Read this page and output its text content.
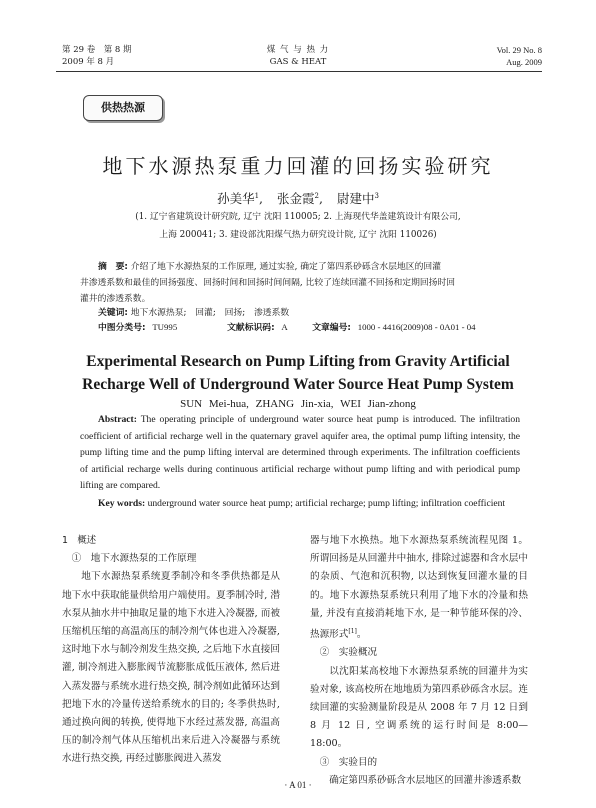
第 29 卷　第 8 期
2009 年 8 月
煤 气 与 热 力
GAS & HEAT
Vol. 29 No. 8
Aug. 2009
供热热源
地下水源热泵重力回灌的回扬实验研究
孙美华$^1$, 张金霞$^2$, 尉建中$^3$
(1. 辽宁省建筑设计研究院, 辽宁 沈阳 110005; 2. 上海现代华盖建筑设计有限公司,
上海 200041; 3. 建设部沈阳煤气热力研究设计院, 辽宁 沈阳 110026)
摘　要: 介绍了地下水源热泵的工作原理, 通过实验, 确定了第四系砂砾含水层地区的回灌
井渗透系数和最佳的回扬强度、回扬时间和回扬时间间隔, 比较了连续回灌不回扬和定期回扬时回
灌井的渗透系数。
关键词: 地下水源热泵;　回灌;　回扬;　渗透系数
中图分类号: TU995	文献标识码: A	文章编号: 1000 - 4416(2009)08 - 0A01 - 04
Experimental Research on Pump Lifting from Gravity Artificial
Recharge Well of Underground Water Source Heat Pump System
SUN Mei-hua, ZHANG Jin-xia, WEI Jian-zhong

Abstract: The operating principle of underground water source heat pump is introduced. The infiltration coefficient of artificial recharge well in the quaternary gravel aquifer area, the optimal pump lifting intensity, the pump lifting time and the pump lifting interval are determined through experiments. The infiltration coefficients of artificial recharge wells during continuous artificial recharge without pump lifting and with periodical pump lifting are compared.

Key words: underground water source heat pump; artificial recharge; pump lifting; infiltration coefficient

1　概述

①　地下水源热泵的工作原理

地下水源热泵系统夏季制冷和冬季供热都是从地下水中获取能量供给用户端使用。夏季制冷时, 潜水泵从抽水井中抽取足量的地下水进入冷凝器, 而被压缩机压缩的高温高压的制冷剂气体也进入冷凝器, 这时地下水与制冷剂发生热交换, 之后地下水直接回灌, 制冷剂进入膨胀阀节流膨胀成低压液体, 然后进入蒸发器与系统水进行热交换, 制冷剂如此循环达到把地下水的冷量传送给系统水的目的; 冬季供热时, 通过换向阀的转换, 使得地下水经过蒸发器, 高温高压的制冷剂气体从压缩机出来后进入冷凝器与系统水进行热交换, 再经过膨胀阀进入蒸发

器与地下水换热。地下水源热泵系统流程见图 1。所谓回扬是从回灌井中抽水, 排除过滤器和含水层中的杂质、气泡和沉积物, 以达到恢复回灌水量的目的。地下水源热泵系统只利用了地下水的冷量和热量, 并没有直接消耗地下水, 是一种节能环保的冷、热源形式[1]。

②　实验概况

以沈阳某高校地下水源热泵系统的回灌井为实验对象, 该高校所在地地质为第四系砂砾含水层。连续回灌的实验测量阶段是从 2008 年 7 月 12 日到 8 月 12 日, 空调系统的运行时间是 8:00—18:00。

③　实验目的

确定第四系砂砾含水层地区的回灌井渗透系数

· A 01 ·
